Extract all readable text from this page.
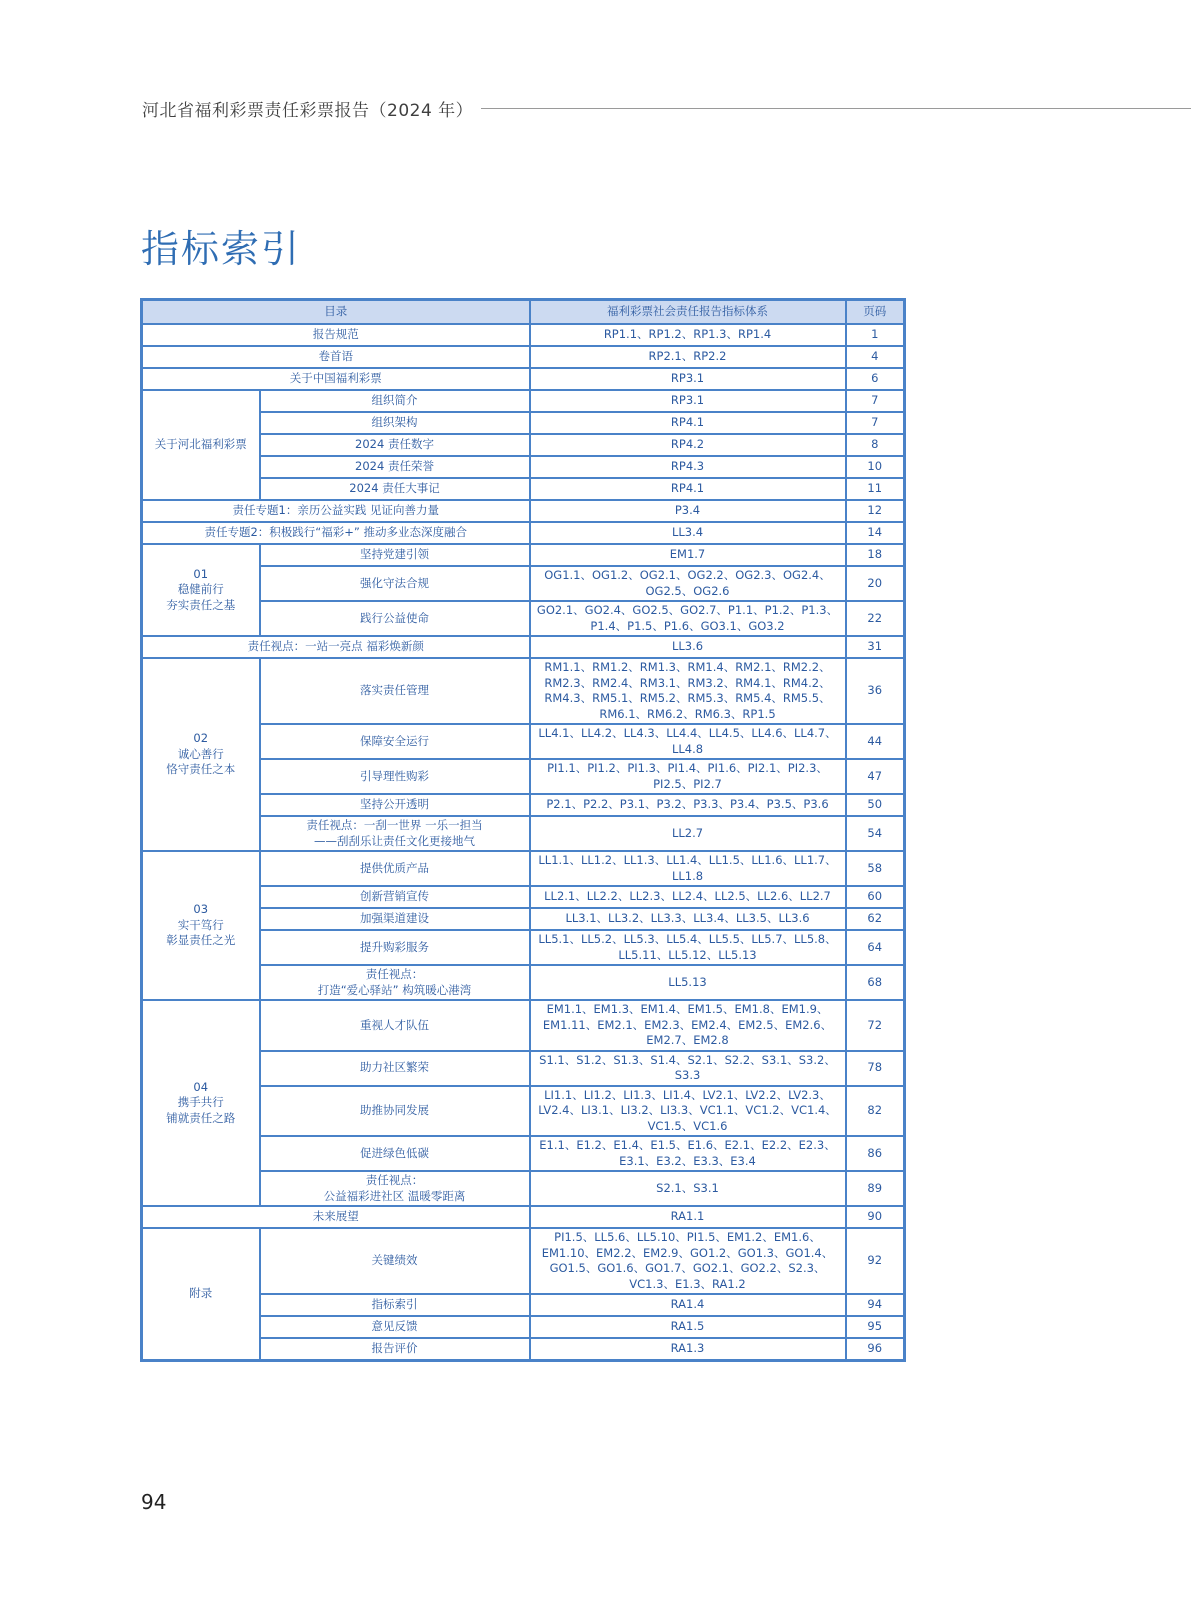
河北省福利彩票责任彩票报告（2024 年）
指标索引
目录		福利彩票社会责任报告指标体系	页码
报告规范		RP1.1、RP1.2、RP1.3、RP1.4	1
卷首语		RP2.1、RP2.2	4
关于中国福利彩票		RP3.1	6

关于河北福利彩票	组织简介	RP3.1	7
	组织架构	RP4.1	7
	2024 责任数字	RP4.2	8
	2024 责任荣誉	RP4.3	10
	2024 责任大事记	RP4.1	11
责任专题1：亲历公益实践 见证向善力量		P3.4	12
责任专题2：积极践行“福彩+” 推动多业态深度融合		LL3.4	14

01
稳健前行
夯实责任之基	坚持党建引领	EM1.7	18
	强化守法合规	OG1.1、OG1.2、OG2.1、OG2.2、OG2.3、OG2.4、OG2.5、OG2.6	20
	践行公益使命	GO2.1、GO2.4、GO2.5、GO2.7、P1.1、P1.2、P1.3、P1.4、P1.5、P1.6、GO3.1、GO3.2	22
责任视点：一站一亮点 福彩焕新颜		LL3.6	31

02
诚心善行
恪守责任之本	落实责任管理	RM1.1、RM1.2、RM1.3、RM1.4、RM2.1、RM2.2、RM2.3、RM2.4、RM3.1、RM3.2、RM4.1、RM4.2、RM4.3、RM5.1、RM5.2、RM5.3、RM5.4、RM5.5、RM6.1、RM6.2、RM6.3、RP1.5	36
	保障安全运行	LL4.1、LL4.2、LL4.3、LL4.4、LL4.5、LL4.6、LL4.7、LL4.8	44
	引导理性购彩	PI1.1、PI1.2、PI1.3、PI1.4、PI1.6、PI2.1、PI2.3、PI2.5、PI2.7	47
	坚持公开透明	P2.1、P2.2、P3.1、P3.2、P3.3、P3.4、P3.5、P3.6	50
	责任视点：一刮一世界 一乐一担当
——刮刮乐让责任文化更接地气	LL2.7	54

03
实干笃行
彰显责任之光	提供优质产品	LL1.1、LL1.2、LL1.3、LL1.4、LL1.5、LL1.6、LL1.7、LL1.8	58
	创新营销宣传	LL2.1、LL2.2、LL2.3、LL2.4、LL2.5、LL2.6、LL2.7	60
	加强渠道建设	LL3.1、LL3.2、LL3.3、LL3.4、LL3.5、LL3.6	62
	提升购彩服务	LL5.1、LL5.2、LL5.3、LL5.4、LL5.5、LL5.7、LL5.8、LL5.11、LL5.12、LL5.13	64
	责任视点：
打造“爱心驿站” 构筑暖心港湾	LL5.13	68

04
携手共行
铺就责任之路	重视人才队伍	EM1.1、EM1.3、EM1.4、EM1.5、EM1.8、EM1.9、EM1.11、EM2.1、EM2.3、EM2.4、EM2.5、EM2.6、EM2.7、EM2.8	72
	助力社区繁荣	S1.1、S1.2、S1.3、S1.4、S2.1、S2.2、S3.1、S3.2、S3.3	78
	助推协同发展	LI1.1、LI1.2、LI1.3、LI1.4、LV2.1、LV2.2、LV2.3、LV2.4、LI3.1、LI3.2、LI3.3、VC1.1、VC1.2、VC1.4、VC1.5、VC1.6	82
	促进绿色低碳	E1.1、E1.2、E1.4、E1.5、E1.6、E2.1、E2.2、E2.3、E3.1、E3.2、E3.3、E3.4	86
	责任视点：
公益福彩进社区 温暖零距离	S2.1、S3.1	89
未来展望		RA1.1	90

附录	关键绩效	PI1.5、LL5.6、LL5.10、PI1.5、EM1.2、EM1.6、EM1.10、EM2.2、EM2.9、GO1.2、GO1.3、GO1.4、GO1.5、GO1.6、GO1.7、GO2.1、GO2.2、S2.3、VC1.3、E1.3、RA1.2	92
	指标索引	RA1.4	94
	意见反馈	RA1.5	95
	报告评价	RA1.3	96
94
